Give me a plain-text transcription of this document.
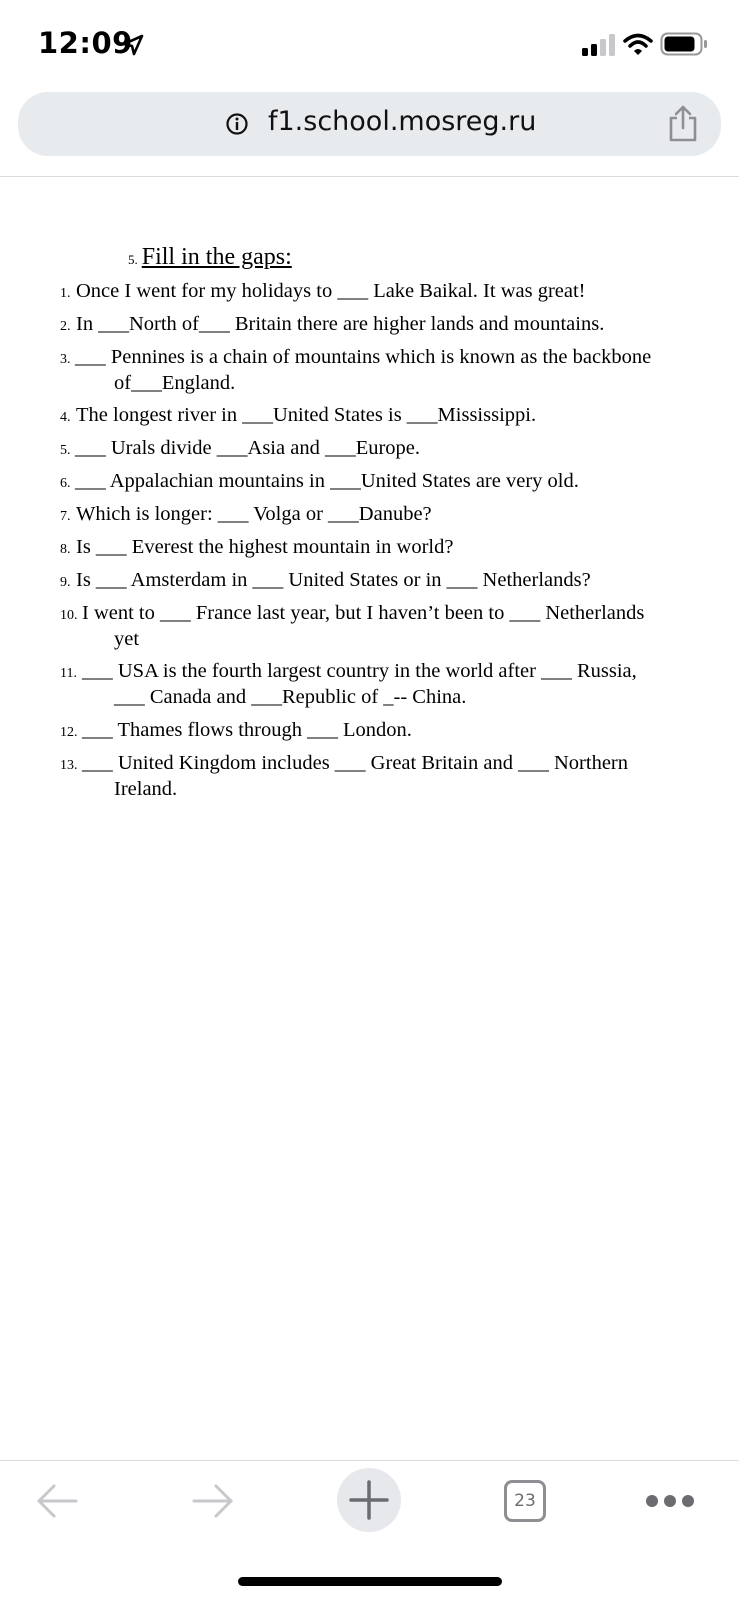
12:09
f1.school.mosreg.ru
5. Fill in the gaps:
1. Once I went for my holidays to ___ Lake Baikal. It was great!
2. In ___North of___ Britain there are higher lands and mountains.
3. ___ Pennines is a chain of mountains which is known as the backbone
of___England.
4. The longest river in ___United States is ___Mississippi.
5. ___ Urals divide ___Asia and ___Europe.
6. ___ Appalachian mountains in ___United States are very old.
7. Which is longer: ___ Volga or ___Danube?
8. Is ___ Everest the highest mountain in world?
9. Is ___ Amsterdam in ___ United States or in ___ Netherlands?
10. I went to ___ France last year, but I haven’t been to ___ Netherlands
yet
11. ___ USA is the fourth largest country in the world after ___ Russia,
___ Canada and ___Republic of _-- China.
12. ___ Thames flows through ___ London.
13. ___ United Kingdom includes ___ Great Britain and ___ Northern
Ireland.
23
